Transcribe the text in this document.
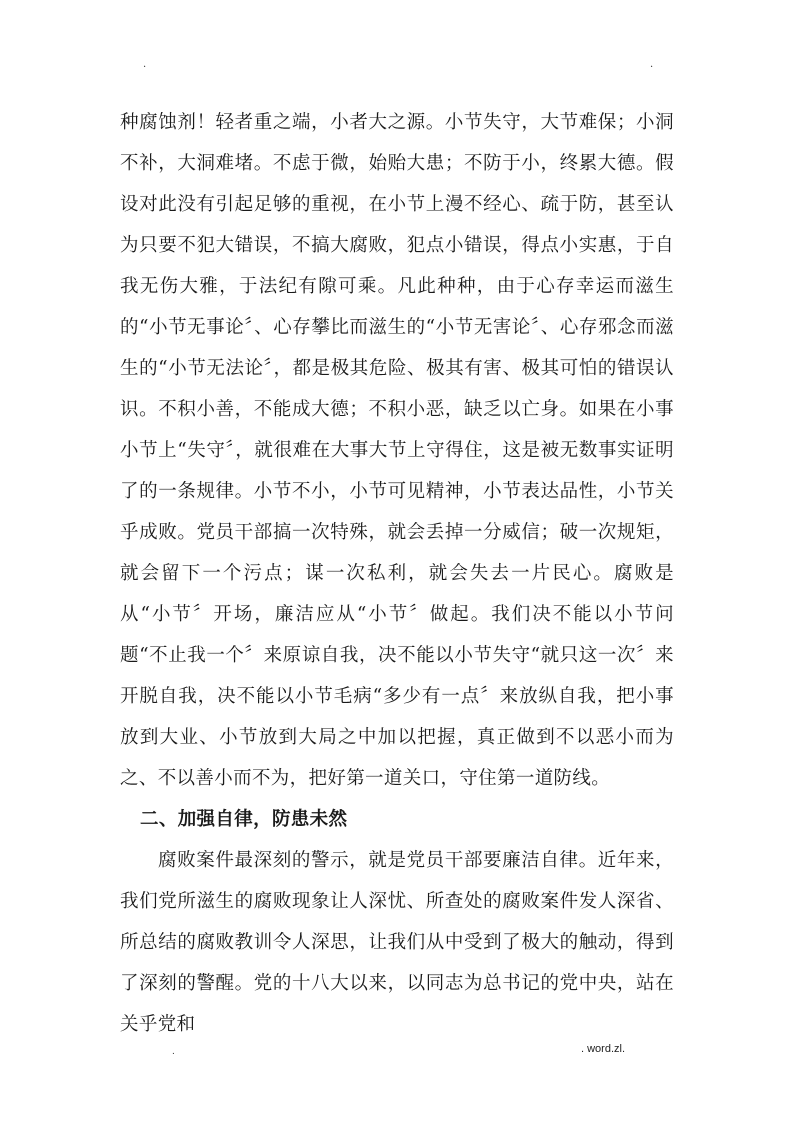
.	.

种腐蚀剂！轻者重之端，小者大之源。小节失守，大节难保；小洞不补，大洞难堵。不虑于微，始贻大患；不防于小，终累大德。假设对此没有引起足够的重视，在小节上漫不经心、疏于防，甚至认为只要不犯大错误，不搞大腐败，犯点小错误，得点小实惠，于自我无伤大雅，于法纪有隙可乘。凡此种种，由于心存幸运而滋生的“小节无事论〞、心存攀比而滋生的“小节无害论〞、心存邪念而滋生的“小节无法论〞，都是极其危险、极其有害、极其可怕的错误认识。不积小善，不能成大德；不积小恶，缺乏以亡身。如果在小事小节上“失守〞，就很难在大事大节上守得住，这是被无数事实证明了的一条规律。小节不小，小节可见精神，小节表达品性，小节关乎成败。党员干部搞一次特殊，就会丢掉一分威信；破一次规矩，就会留下一个污点；谋一次私利，就会失去一片民心。腐败是从“小节〞开场，廉洁应从“小节〞做起。我们决不能以小节问题“不止我一个〞来原谅自我，决不能以小节失守“就只这一次〞来开脱自我，决不能以小节毛病“多少有一点〞来放纵自我，把小事放到大业、小节放到大局之中加以把握，真正做到不以恶小而为之、不以善小而不为，把好第一道关口，守住第一道防线。

二、加强自律，防患未然

腐败案件最深刻的警示，就是党员干部要廉洁自律。近年来，我们党所滋生的腐败现象让人深忧、所查处的腐败案件发人深省、所总结的腐败教训令人深思，让我们从中受到了极大的触动，得到了深刻的警醒。党的十八大以来，以同志为总书记的党中央，站在关乎党和

.	. word.zl.
